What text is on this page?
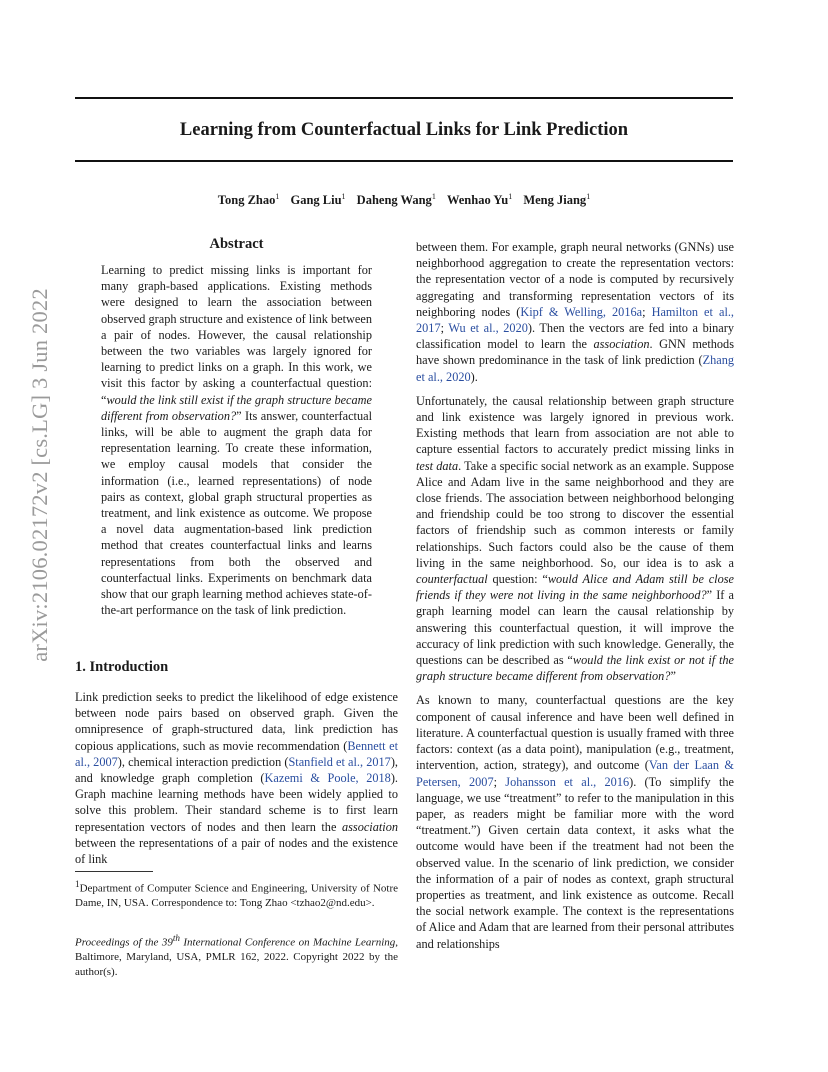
arXiv:2106.02172v2 [cs.LG] 3 Jun 2022
Learning from Counterfactual Links for Link Prediction
Tong Zhao$^1$ Gang Liu$^1$ Daheng Wang$^1$ Wenhao Yu$^1$ Meng Jiang$^1$
Abstract
Learning to predict missing links is important for many graph-based applications. Existing methods were designed to learn the association between observed graph structure and existence of link between a pair of nodes. However, the causal relationship between the two variables was largely ignored for learning to predict links on a graph. In this work, we visit this factor by asking a counterfactual question: “would the link still exist if the graph structure became different from observation?” Its answer, counterfactual links, will be able to augment the graph data for representation learning. To create these information, we employ causal models that consider the information (i.e., learned representations) of node pairs as context, global graph structural properties as treatment, and link existence as outcome. We propose a novel data augmentation-based link prediction method that creates counterfactual links and learns representations from both the observed and counterfactual links. Experiments on benchmark data show that our graph learning method achieves state-of-the-art performance on the task of link prediction.
1. Introduction

Link prediction seeks to predict the likelihood of edge existence between node pairs based on observed graph. Given the omnipresence of graph-structured data, link prediction has copious applications, such as movie recommendation (Bennett et al., 2007), chemical interaction prediction (Stanfield et al., 2017), and knowledge graph completion (Kazemi & Poole, 2018). Graph machine learning methods have been widely applied to solve this problem. Their standard scheme is to first learn representation vectors of nodes and then learn the association between the representations of a pair of nodes and the existence of link

$^1$Department of Computer Science and Engineering, University of Notre Dame, IN, USA. Correspondence to: Tong Zhao <tzhao2@nd.edu>.
Proceedings of the 39th International Conference on Machine Learning, Baltimore, Maryland, USA, PMLR 162, 2022. Copyright 2022 by the author(s).

between them. For example, graph neural networks (GNNs) use neighborhood aggregation to create the representation vectors: the representation vector of a node is computed by recursively aggregating and transforming representation vectors of its neighboring nodes (Kipf & Welling, 2016a; Hamilton et al., 2017; Wu et al., 2020). Then the vectors are fed into a binary classification model to learn the association. GNN methods have shown predominance in the task of link prediction (Zhang et al., 2020).

Unfortunately, the causal relationship between graph structure and link existence was largely ignored in previous work. Existing methods that learn from association are not able to capture essential factors to accurately predict missing links in test data. Take a specific social network as an example. Suppose Alice and Adam live in the same neighborhood and they are close friends. The association between neighborhood belonging and friendship could be too strong to discover the essential factors of friendship such as common interests or family relationships. Such factors could also be the cause of them living in the same neighborhood. So, our idea is to ask a counterfactual question: “would Alice and Adam still be close friends if they were not living in the same neighborhood?” If a graph learning model can learn the causal relationship by answering this counterfactual question, it will improve the accuracy of link prediction with such knowledge. Generally, the questions can be described as “would the link exist or not if the graph structure became different from observation?”

As known to many, counterfactual questions are the key component of causal inference and have been well defined in literature. A counterfactual question is usually framed with three factors: context (as a data point), manipulation (e.g., treatment, intervention, action, strategy), and outcome (Van der Laan & Petersen, 2007; Johansson et al., 2016). (To simplify the language, we use “treatment” to refer to the manipulation in this paper, as readers might be familiar more with the word “treatment.”) Given certain data context, it asks what the outcome would have been if the treatment had not been the observed value. In the scenario of link prediction, we consider the information of a pair of nodes as context, graph structural properties as treatment, and link existence as outcome. Recall the social network example. The context is the representations of Alice and Adam that are learned from their personal attributes and relationships
